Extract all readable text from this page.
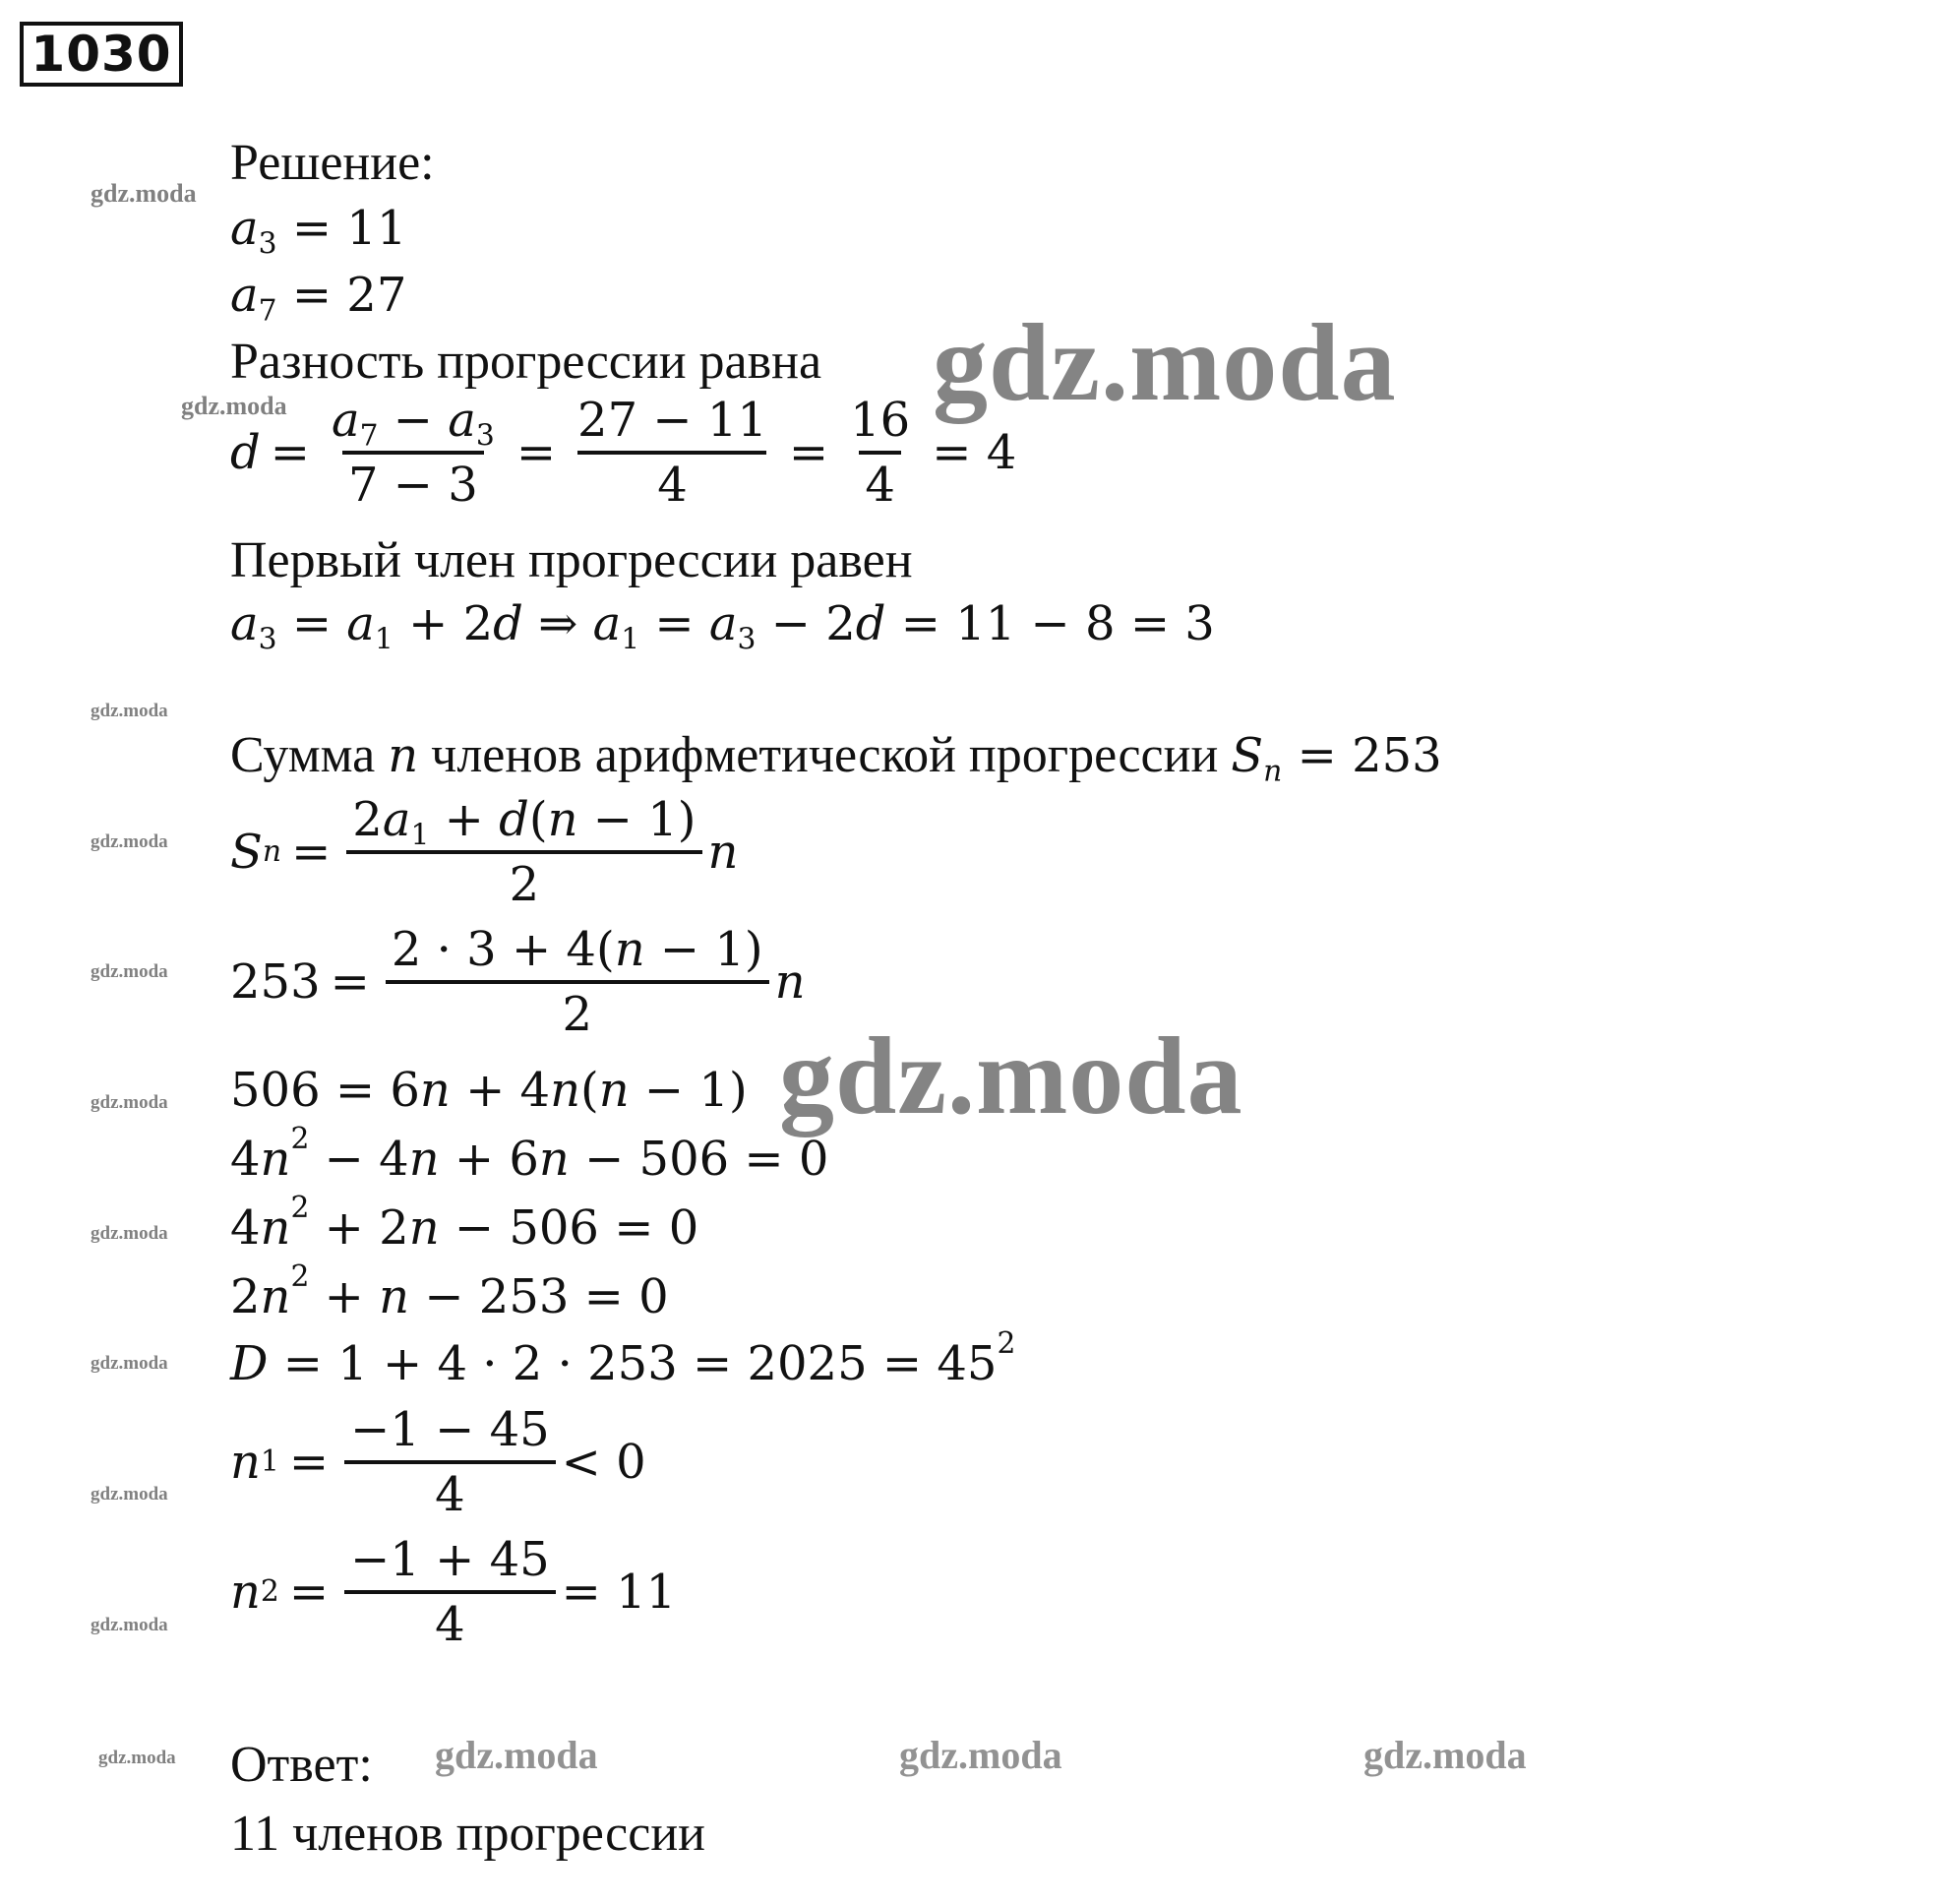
1030
gdz.moda
gdz.moda
gdz.moda
gdz.moda
gdz.moda
gdz.moda
gdz.moda
gdz.moda
gdz.moda
gdz.moda
gdz.moda
gdz.moda
gdz.moda
gdz.moda	gdz.moda	gdz.moda
Решение:
$a_3 = 11$
$a_7 = 27$
Разность прогрессии равна
$d = \frac{a_7 - a_3}{7 - 3} = \frac{27 - 11}{4} = \frac{16}{4} = 4$
Первый член прогрессии равен
$a_3 = a_1 + 2d$ ⇒ $a_1 = a_3 - 2d = 11 - 8 = 3$
Сумма n членов арифметической прогрессии $S_n = 253$
S $n = \frac{2a_1 + d(n - 1)}{2}$ n
$253 = \frac{2 \cdot 3 + 4(n - 1)}{2}$ n
506 = 6n + 4n(n − 1)
$4n^2 - 4n + 6n - 506 = 0$
$4n^2 + 2n - 506 = 0$
$2n^2 + n - 253 = 0$
$D = 1 + 4 \cdot 2 \cdot 253 = 2025 = 45^2$
n $1 = \frac{-1 - 45}{4} < 0$
n $2 = \frac{-1 + 45}{4} = 11$
Ответ:
11 членов прогрессии
